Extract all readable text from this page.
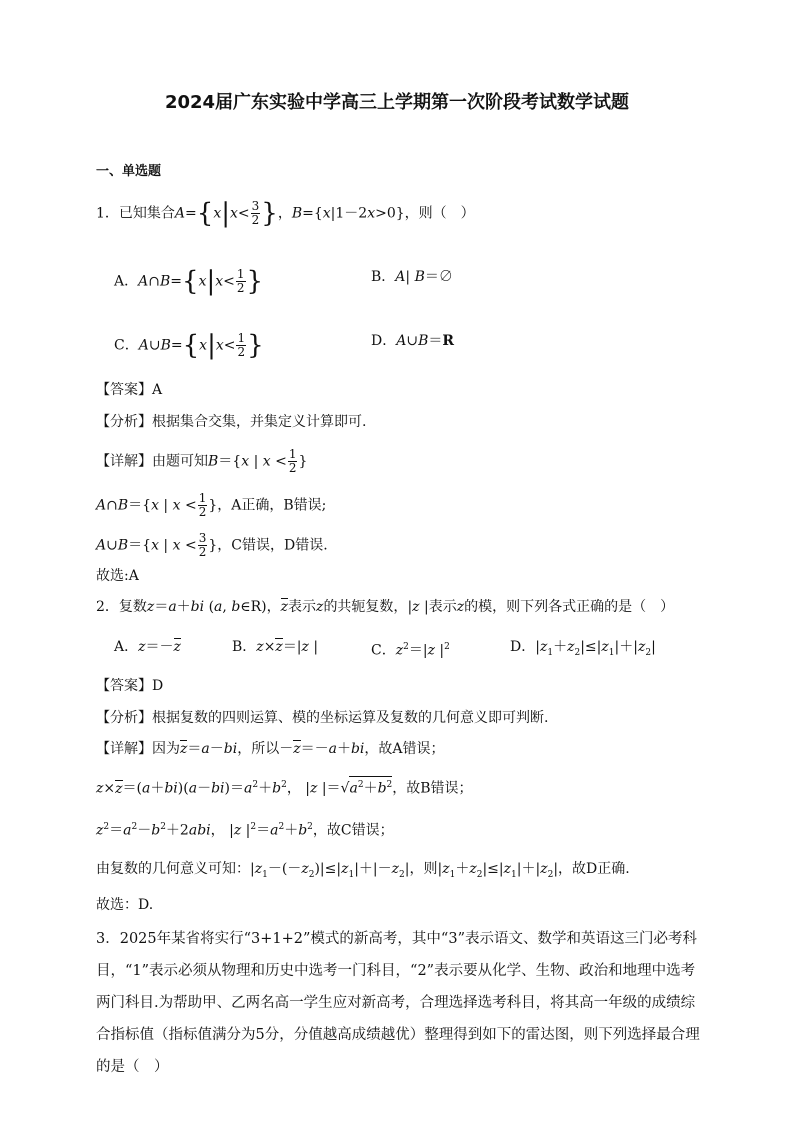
2024届广东实验中学高三上学期第一次阶段考试数学试题
一、单选题
1．已知集合$A=\{x|x< \frac{3}{2}$ }，B={x|1－2x>0}，则（　）
A．A∩B={x|x< $\frac{1}{2}$ }	B．A| B＝∅
C．A∪B={x|x< $\frac{1}{2}$ }	D．A∪B＝R
【答案】A
【分析】根据集合交集，并集定义计算即可.
【详解】由题可知B＝{x | $x < \frac{1}{2}$ }
A∩B＝{x | $x < \frac{1}{2}$ }，A正确，B错误;
A∪B＝{x | $x < \frac{3}{2}$ }，C错误，D错误.
故选:A
2．复数z＝a＋bi (a, b∈R)，z表示z的共轭复数，|z |表示z的模，则下列各式正确的是（　）
A．z＝－z	B．z×z＝|z |	C．$z^2=|z$ $|^2$	D．$|z_1+z_2|\le|z_1|+|z_2|$
【答案】D
【分析】根据复数的四则运算、模的坐标运算及复数的几何意义即可判断.
【详解】因为z＝a－bi，所以－z＝－a＋bi，故A错误；
$z\times z=(a+bi)(a-bi)=a^2+b^2$， |z $|=√a^2+b^2$，故B错误；
$z^2=a^2-b^2+2abi$， |z $|^2=a^2+b^2$，故C错误；
由复数的几何意义可知：$|z_1-(-z_2)|\le|z_1|+|-z_2|$，则$|z_1+z_2|\le|z_1|+|z_2|$，故D正确.
故选：D.
3．2025年某省将实行“3+1+2”模式的新高考，其中“3”表示语文、数学和英语这三门必考科目，“1”表示必须从物理和历史中选考一门科目，“2”表示要从化学、生物、政治和地理中选考两门科目.为帮助甲、乙两名高一学生应对新高考，合理选择选考科目，将其高一年级的成绩综合指标值（指标值满分为5分，分值越高成绩越优）整理得到如下的雷达图，则下列选择最合理的是（　）
